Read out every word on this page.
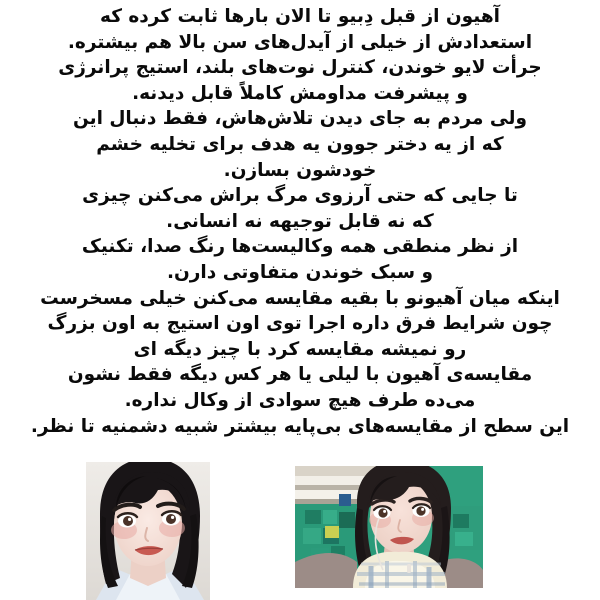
آهیون از قبل دِبیو تا الان بارها ثابت کرده که

استعدادش از خیلی از آیدل‌های سن بالا هم بیشتره.

جرأت لایو خوندن، کنترل نوت‌های بلند، استیج پرانرژی

و پیشرفت مداومش کاملاً قابل دیدنه.

ولی مردم به جای دیدن تلاش‌هاش، فقط دنبال این

که از یه دختر جوون یه هدف برای تخلیه خشم

خودشون بسازن.

تا جایی که حتی آرزوی مرگ براش می‌کنن چیزی

که نه قابل توجیهه نه انسانی.

از نظر منطقی همه وکالیست‌ها رنگ صدا، تکنیک

و سبک خوندن متفاوتی دارن.

اینکه میان آهیونو با بقیه مقایسه می‌کنن خیلی مسخرست

چون شرایط فرق داره اجرا توی اون استیج به اون بزرگ

رو نمیشه مقایسه کرد با چیز دیگه ای

مقایسه‌ی آهیون با لیلی یا هر کس دیگه فقط نشون

می‌ده طرف هیچ سوادی از وکال نداره.

این سطح از مقایسه‌های بی‌پایه بیشتر شبیه دشمنیه تا نظر.
